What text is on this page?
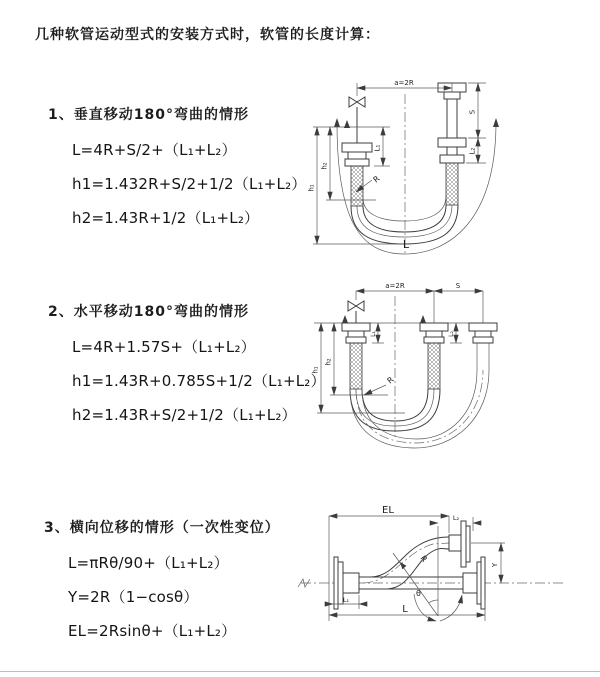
几种软管运动型式的安装方式时，软管的长度计算：
1、垂直移动180°弯曲的情形
L=4R+S/2+（L₁+L₂）
h1=1.432R+S/2+1/2（L₁+L₂）
h2=1.43R+1/2（L₁+L₂）
2、水平移动180°弯曲的情形
L=4R+1.57S+（L₁+L₂）
h1=1.43R+0.785S+1/2（L₁+L₂）
h2=1.43R+S/2+1/2（L₁+L₂）
3、横向位移的情形（一次性变位）
L=πRθ/90+（L₁+L₂）
Y=2R（1−cosθ）
EL=2Rsinθ+（L₁+L₂）
a=2R
h₁
h₂
L₁
S
L₂
R
L
a=2R	S
h₁
h₂
L₁	L₂
R
EL
L₂
Y
θ
R
L₁
L
